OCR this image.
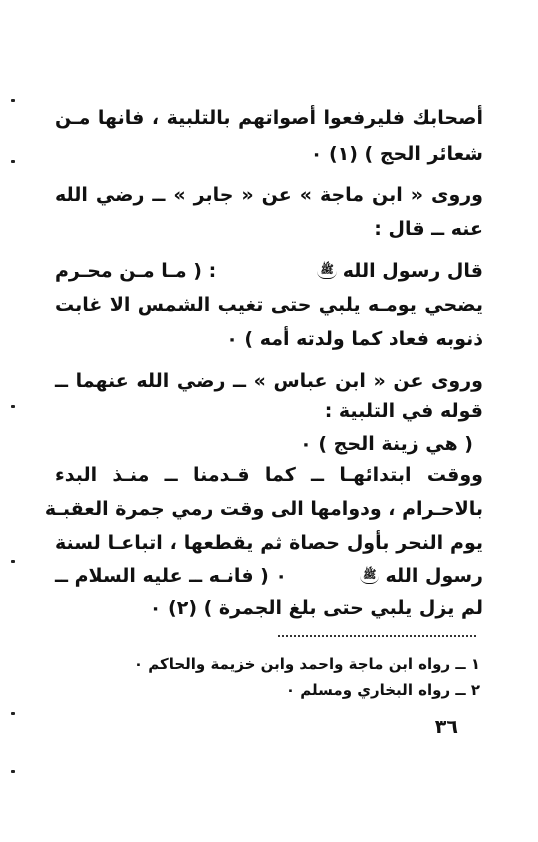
أصحابك فليرفعوا أصواتهم بالتلبية ، فانها مـن
شعائر الحج ) (١) ٠
وروى « ابن ماجة » عن « جابر » ــ رضي الله
عنه ــ قال :
قال رسول اللهﷺ
: ( مـا مـن محـرم
يضحي يومـه يلبي حتى تغيب الشمس الا غابت
ذنوبه فعاد كما ولدته أمه ) ٠
وروى عن « ابن عباس » ــ رضي الله عنهما ــ
قوله في التلبية :
( هي زينة الحج ) ٠
ووقت ابتدائهـا ــ كما قـدمنا ــ منـذ البدء
بالاحـرام ، ودوامها الى وقت رمي جمرة العقبـة
يوم النحر بأول حصاة ثم يقطعها ، اتباعـا لسنة
رسول اللهﷺ
٠ ( فانـه ــ عليه السلام ــ
لم يزل يلبي حتى بلغ الجمرة ) (٢) ٠
١ ــ رواه ابن ماجة واحمد وابن خزيمة والحاكم ٠
٢ ــ رواه البخاري ومسلم ٠
٣٦
